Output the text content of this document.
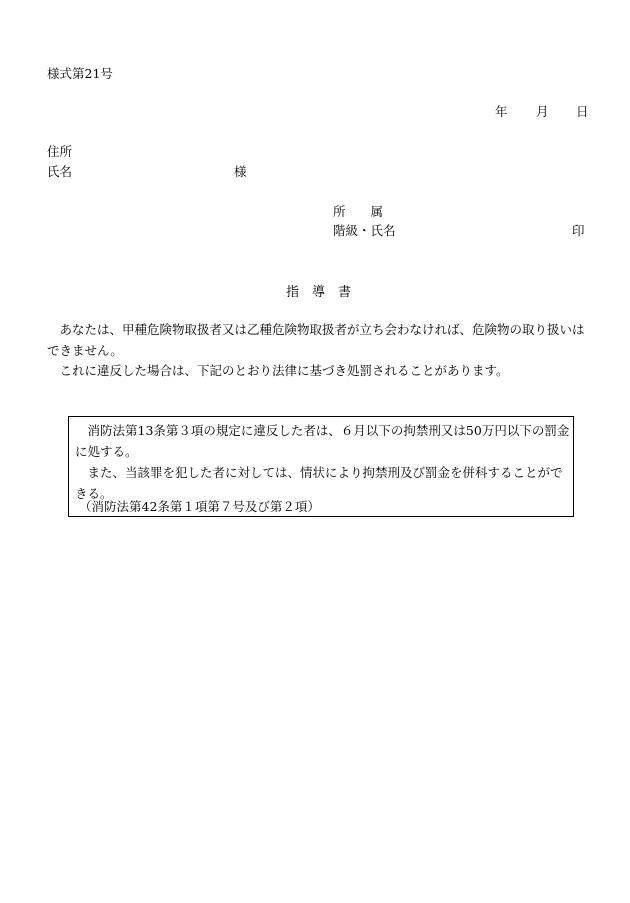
様式第21号
年 月 日
住所
氏名	様
所　　属
階級・氏名	印
指　導　書
あなたは、甲種危険物取扱者又は乙種危険物取扱者が立ち会わなければ、危険物の取り扱いはできません。
これに違反した場合は、下記のとおり法律に基づき処罰されることがあります。
消防法第13条第３項の規定に違反した者は、６月以下の拘禁刑又は50万円以下の罰金に処する。
また、当該罪を犯した者に対しては、情状により拘禁刑及び罰金を併科することができる。
（消防法第42条第１項第７号及び第２項）
